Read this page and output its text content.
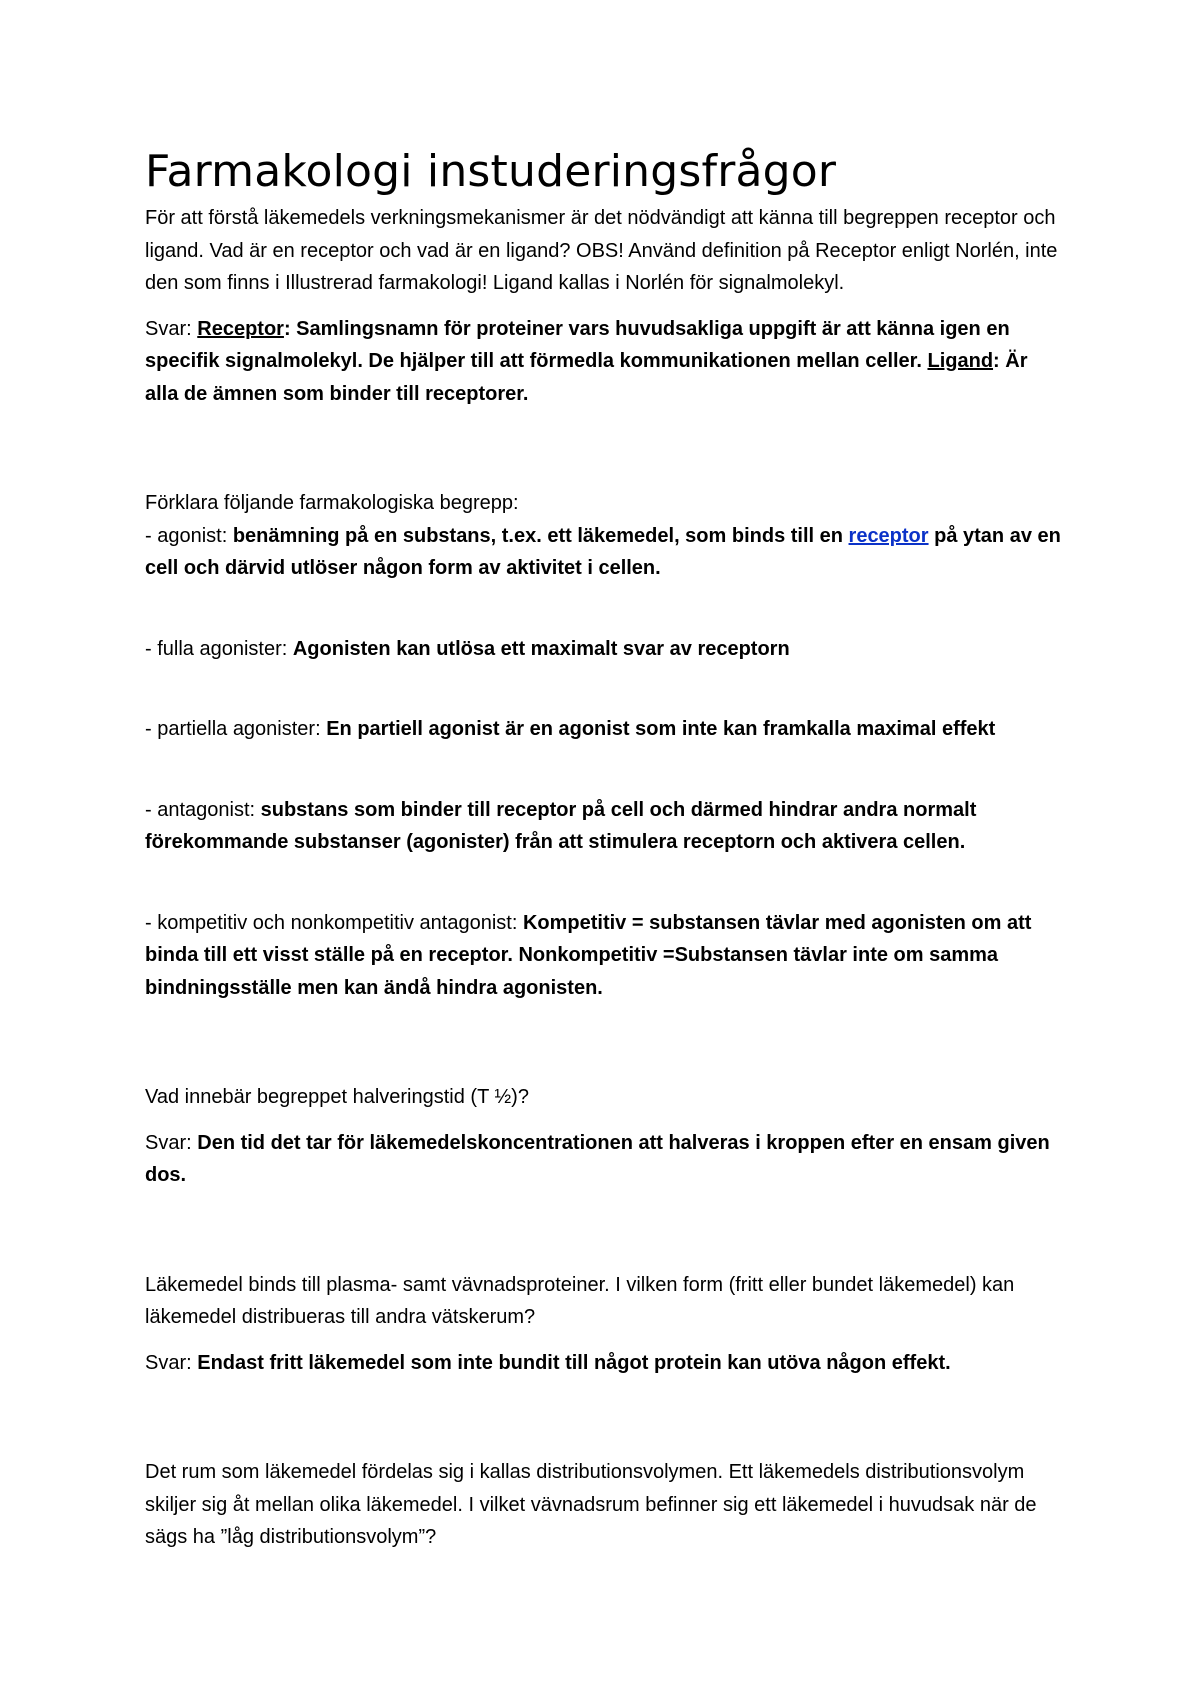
Farmakologi instuderingsfrågor

För att förstå läkemedels verkningsmekanismer är det nödvändigt att känna till begreppen receptor och ligand. Vad är en receptor och vad är en ligand? OBS! Använd definition på Receptor enligt Norlén, inte den som finns i Illustrerad farmakologi! Ligand kallas i Norlén för signalmolekyl.

Svar: Receptor: Samlingsnamn för proteiner vars huvudsakliga uppgift är att känna igen en specifik signalmolekyl. De hjälper till att förmedla kommunikationen mellan celler. Ligand: Är alla de ämnen som binder till receptorer.

Förklara följande farmakologiska begrepp:

- agonist: benämning på en substans, t.ex. ett läkemedel, som binds till en receptor på ytan av en cell och därvid utlöser någon form av aktivitet i cellen.

- fulla agonister: Agonisten kan utlösa ett maximalt svar av receptorn

- partiella agonister: En partiell agonist är en agonist som inte kan framkalla maximal effekt

- antagonist: substans som binder till receptor på cell och därmed hindrar andra normalt förekommande substanser (agonister) från att stimulera receptorn och aktivera cellen.

- kompetitiv och nonkompetitiv antagonist: Kompetitiv = substansen tävlar med agonisten om att binda till ett visst ställe på en receptor. Nonkompetitiv =Substansen tävlar inte om samma bindningsställe men kan ändå hindra agonisten.

Vad innebär begreppet halveringstid (T ½)?

Svar: Den tid det tar för läkemedelskoncentrationen att halveras i kroppen efter en ensam given dos.

Läkemedel binds till plasma- samt vävnadsproteiner. I vilken form (fritt eller bundet läkemedel) kan läkemedel distribueras till andra vätskerum?

Svar: Endast fritt läkemedel som inte bundit till något protein kan utöva någon effekt.

Det rum som läkemedel fördelas sig i kallas distributionsvolymen. Ett läkemedels distributionsvolym skiljer sig åt mellan olika läkemedel. I vilket vävnadsrum befinner sig ett läkemedel i huvudsak när de sägs ha ”låg distributionsvolym”?
